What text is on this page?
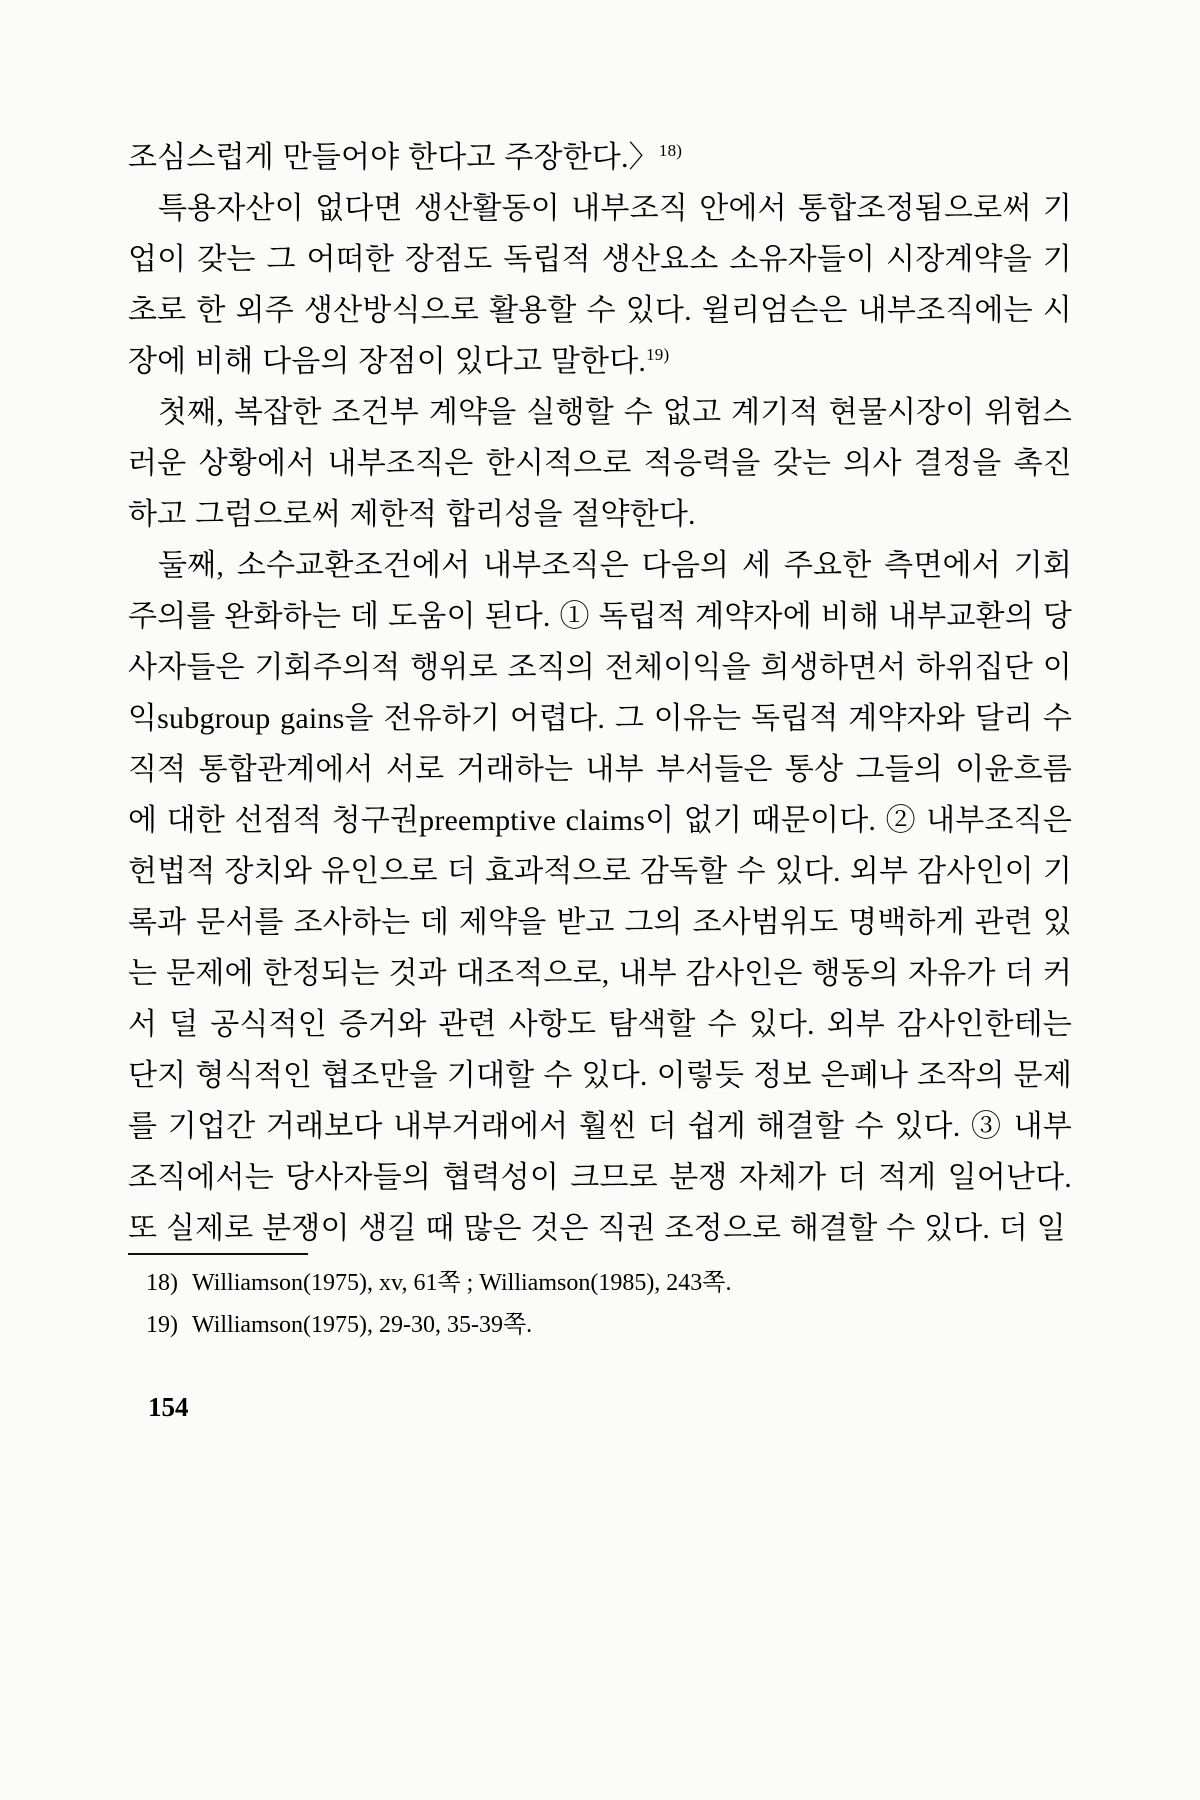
조심스럽게 만들어야 한다고 주장한다.〉$^{18)}$

특용자산이 없다면 생산활동이 내부조직 안에서 통합조정됨으로써 기업이 갖는 그 어떠한 장점도 독립적 생산요소 소유자들이 시장계약을 기초로 한 외주 생산방식으로 활용할 수 있다. 윌리엄슨은 내부조직에는 시장에 비해 다음의 장점이 있다고 말한다.$^{19)}$

첫째, 복잡한 조건부 계약을 실행할 수 없고 계기적 현물시장이 위험스러운 상황에서 내부조직은 한시적으로 적응력을 갖는 의사 결정을 촉진하고 그럼으로써 제한적 합리성을 절약한다.

둘째, 소수교환조건에서 내부조직은 다음의 세 주요한 측면에서 기회주의를 완화하는 데 도움이 된다. ① 독립적 계약자에 비해 내부교환의 당사자들은 기회주의적 행위로 조직의 전체이익을 희생하면서 하위집단 이익subgroup gains을 전유하기 어렵다. 그 이유는 독립적 계약자와 달리 수직적 통합관계에서 서로 거래하는 내부 부서들은 통상 그들의 이윤흐름에 대한 선점적 청구권preemptive claims이 없기 때문이다. ② 내부조직은 헌법적 장치와 유인으로 더 효과적으로 감독할 수 있다. 외부 감사인이 기록과 문서를 조사하는 데 제약을 받고 그의 조사범위도 명백하게 관련 있는 문제에 한정되는 것과 대조적으로, 내부 감사인은 행동의 자유가 더 커서 덜 공식적인 증거와 관련 사항도 탐색할 수 있다. 외부 감사인한테는 단지 형식적인 협조만을 기대할 수 있다. 이렇듯 정보 은폐나 조작의 문제를 기업간 거래보다 내부거래에서 훨씬 더 쉽게 해결할 수 있다. ③ 내부조직에서는 당사자들의 협력성이 크므로 분쟁 자체가 더 적게 일어난다. 또 실제로 분쟁이 생길 때 많은 것은 직권 조정으로 해결할 수 있다. 더 일

18) Williamson(1975), xv, 61쪽 ; Williamson(1985), 243쪽.
19) Williamson(1975), 29-30, 35-39쪽.
154
